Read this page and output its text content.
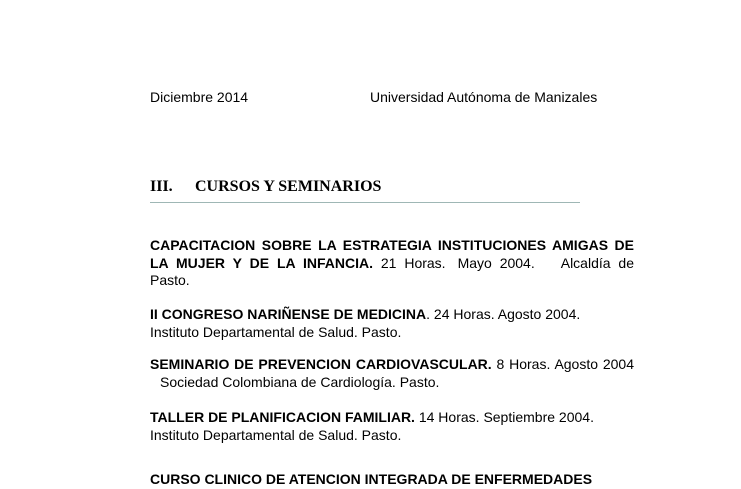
Diciembre 2014	Universidad Autónoma de Manizales
III. CURSOS Y SEMINARIOS
CAPACITACION SOBRE LA ESTRATEGIA INSTITUCIONES AMIGAS DE LA MUJER Y DE LA INFANCIA. 21 Horas. Mayo 2004. Alcaldía de Pasto.
II CONGRESO NARIÑENSE DE MEDICINA. 24 Horas. Agosto 2004.
Instituto Departamental de Salud. Pasto.
SEMINARIO DE PREVENCION CARDIOVASCULAR. 8 Horas. Agosto 2004Sociedad Colombiana de Cardiología. Pasto.
TALLER DE PLANIFICACION FAMILIAR. 14 Horas. Septiembre 2004.
Instituto Departamental de Salud. Pasto.
CURSO CLINICO DE ATENCION INTEGRADA DE ENFERMEDADES
